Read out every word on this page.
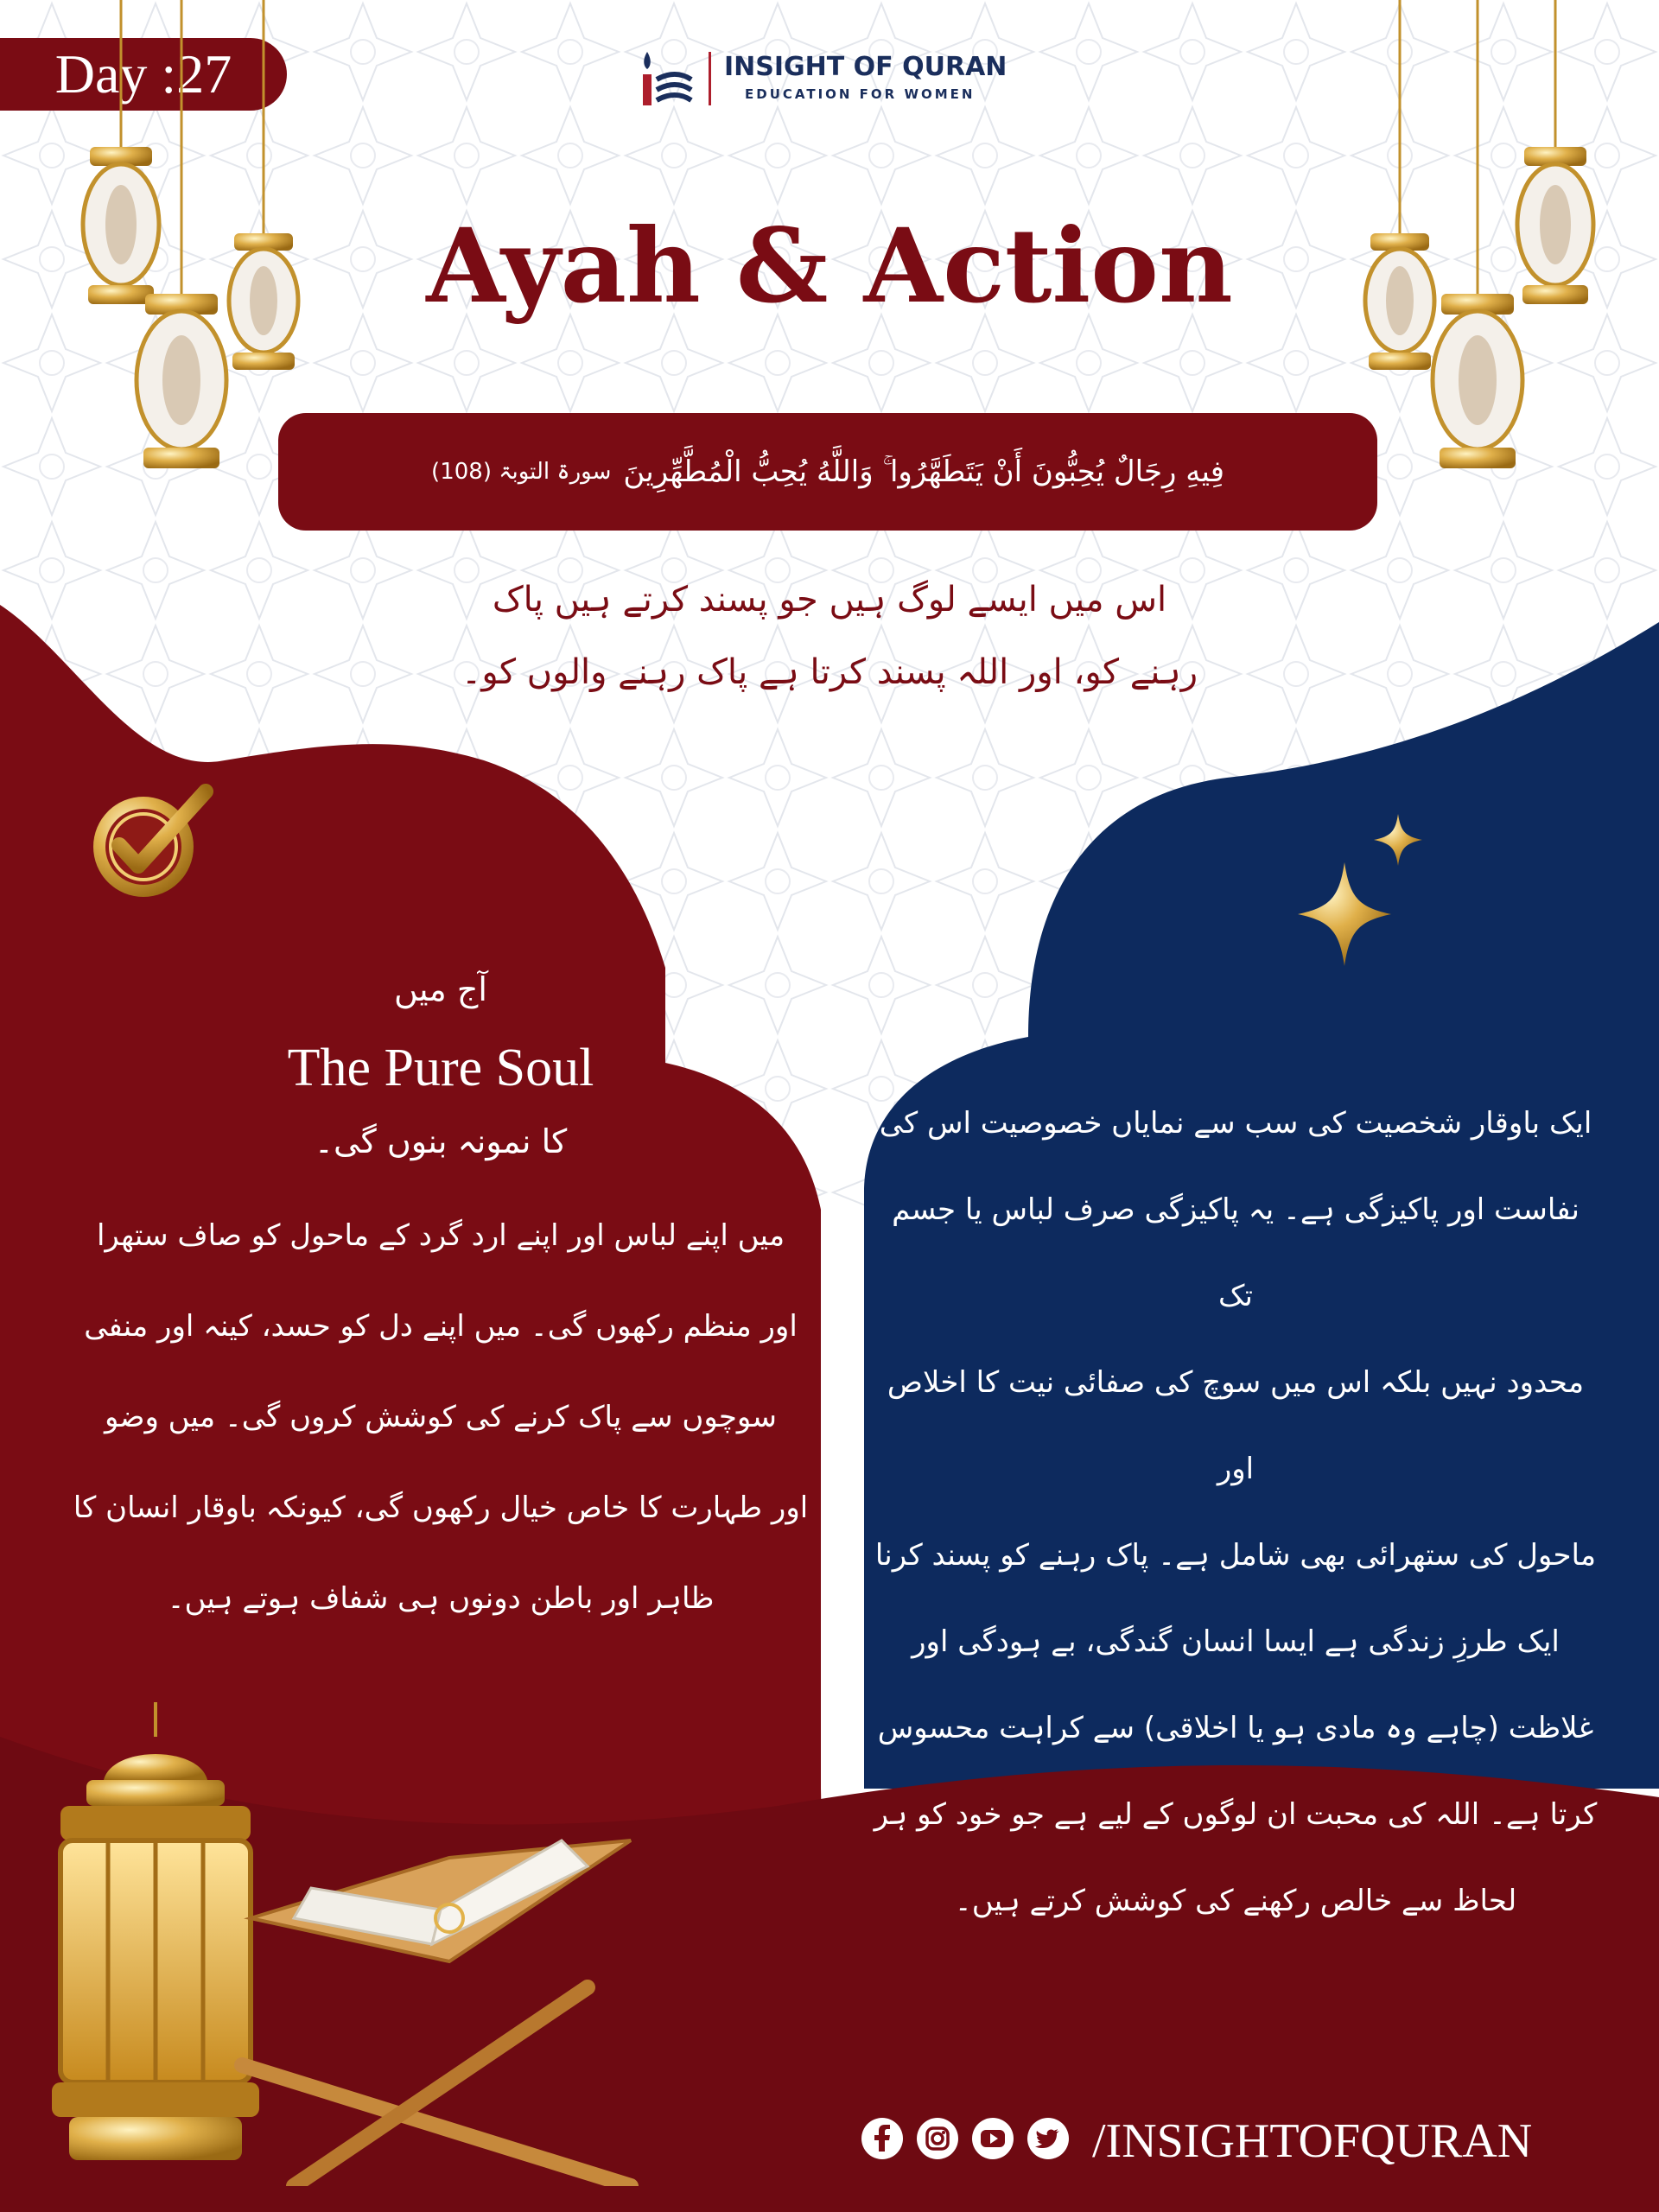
Day :27	INSIGHT OF QURAN
EDUCATION FOR WOMEN
Ayah & Action
فِيهِ رِجَالٌ يُحِبُّونَ أَنْ يَتَطَهَّرُوا ۚ وَاللَّهُ يُحِبُّ الْمُطَّهِّرِينَ
سورۃ التوبۃ (108)
اس میں ایسے لوگ ہیں جو پسند کرتے ہیں پاک
رہنے کو، اور اللہ پسند کرتا ہے پاک رہنے والوں کو۔
آج میں
The Pure Soul
کا نمونہ بنوں گی۔
میں اپنے لباس اور اپنے ارد گرد کے ماحول کو صاف ستھرا
اور منظم رکھوں گی۔ میں اپنے دل کو حسد، کینہ اور منفی
سوچوں سے پاک کرنے کی کوشش کروں گی۔ میں وضو
اور طہارت کا خاص خیال رکھوں گی، کیونکہ باوقار انسان کا
ظاہر اور باطن دونوں ہی شفاف ہوتے ہیں۔
ایک باوقار شخصیت کی سب سے نمایاں خصوصیت اس کی
نفاست اور پاکیزگی ہے۔ یہ پاکیزگی صرف لباس یا جسم تک
محدود نہیں بلکہ اس میں سوچ کی صفائی نیت کا اخلاص اور
ماحول کی ستھرائی بھی شامل ہے۔ پاک رہنے کو پسند کرنا
ایک طرزِ زندگی ہے ایسا انسان گندگی، بے ہودگی اور
غلاظت (چاہے وہ مادی ہو یا اخلاقی) سے کراہت محسوس
کرتا ہے۔ اللہ کی محبت ان لوگوں کے لیے ہے جو خود کو ہر
لحاظ سے خالص رکھنے کی کوشش کرتے ہیں۔
/INSIGHTOFQURAN
